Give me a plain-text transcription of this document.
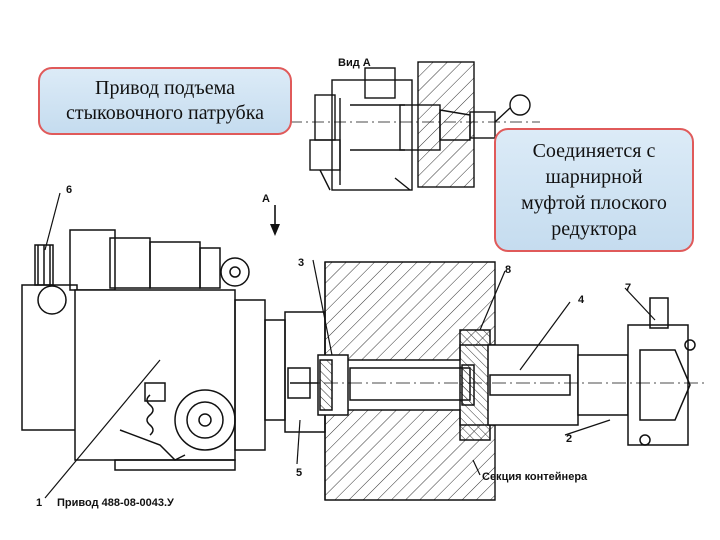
Вид А
A
1
2
3
4
5
6
7
8
Привод 488-08-0043.У
Секция контейнера
Привод подъема
стыковочного патрубка
Соединяется с
шарнирной
муфтой плоского
редуктора
